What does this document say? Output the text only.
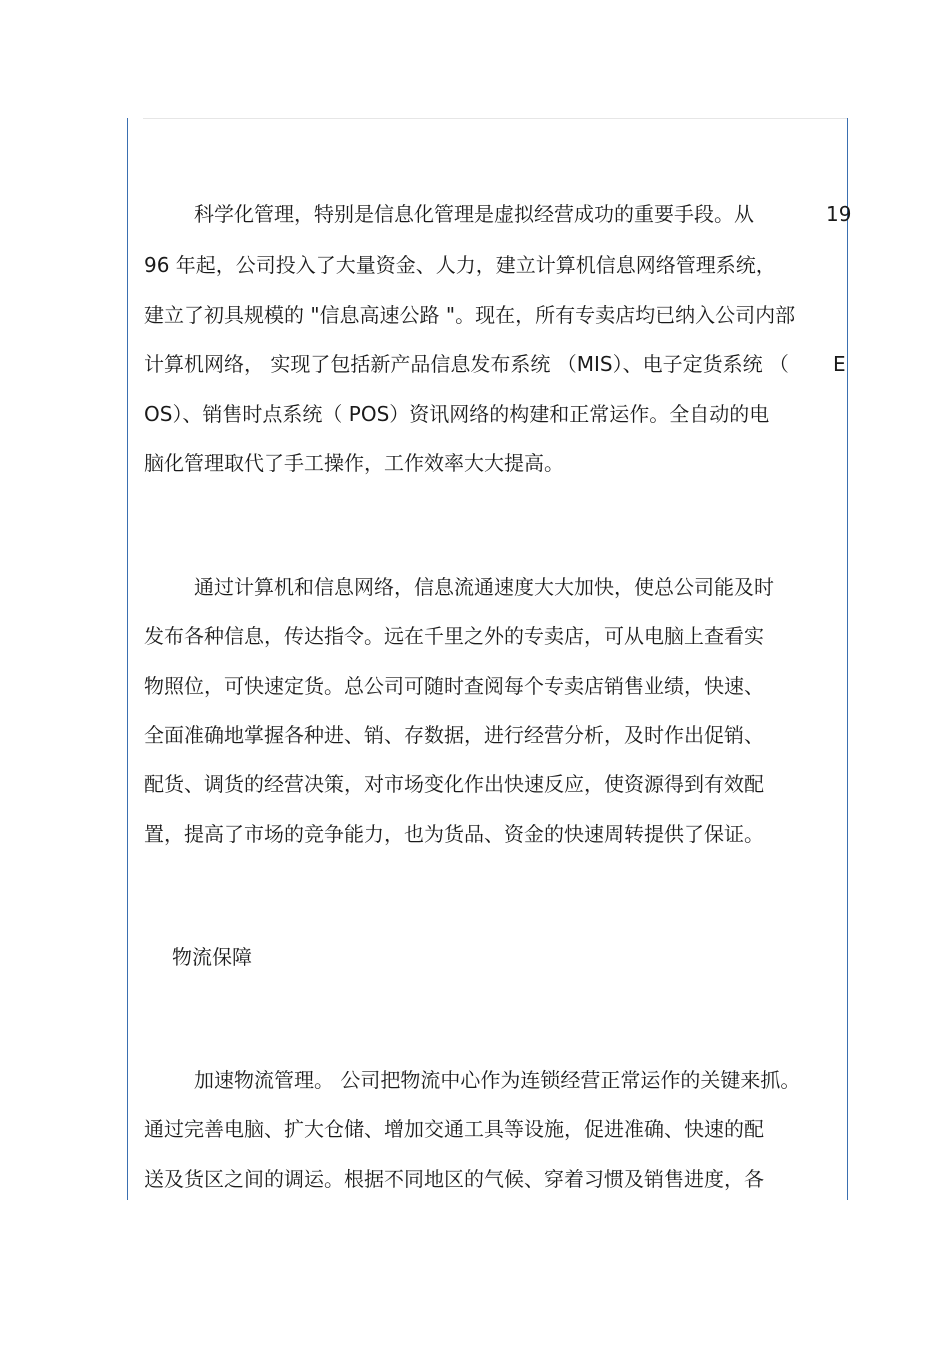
科学化管理，特别是信息化管理是虚拟经营成功的重要手段。从	19

96 年起，公司投入了大量资金、人力，建立计算机信息网络管理系统，

建立了初具规模的 "信息高速公路 "。现在，所有专卖店均已纳入公司内部

计算机网络， 实现了包括新产品信息发布系统 （MIS）、电子定货系统 （ E

OS）、销售时点系统（ POS）资讯网络的构建和正常运作。全自动的电

脑化管理取代了手工操作，工作效率大大提高。

通过计算机和信息网络，信息流通速度大大加快，使总公司能及时

发布各种信息，传达指令。远在千里之外的专卖店，可从电脑上查看实

物照位，可快速定货。总公司可随时查阅每个专卖店销售业绩，快速、

全面准确地掌握各种进、销、存数据，进行经营分析，及时作出促销、

配货、调货的经营决策，对市场变化作出快速反应，使资源得到有效配

置，提高了市场的竞争能力，也为货品、资金的快速周转提供了保证。

物流保障

加速物流管理。 公司把物流中心作为连锁经营正常运作的关键来抓。

通过完善电脑、扩大仓储、增加交通工具等设施，促进准确、快速的配

送及货区之间的调运。根据不同地区的气候、穿着习惯及销售进度，各
